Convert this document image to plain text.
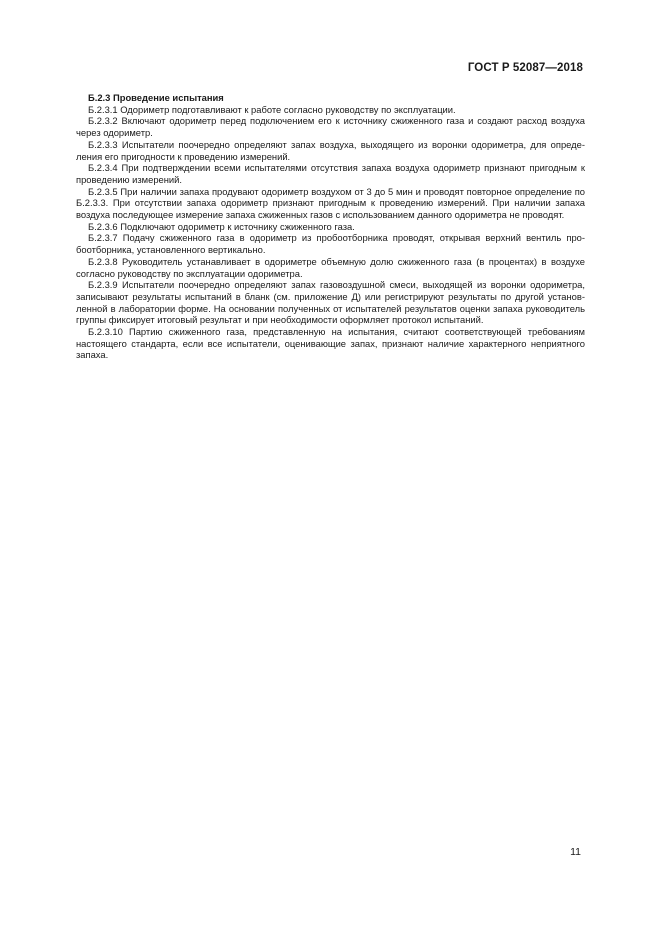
ГОСТ Р 52087—2018

Б.2.3 Проведение испытания

Б.2.3.1 Одориметр подготавливают к работе согласно руководству по эксплуатации.

Б.2.3.2 Включают одориметр перед подключением его к источнику сжиженного газа и создают расход воздуха через одориметр.

Б.2.3.3 Испытатели поочередно определяют запах воздуха, выходящего из воронки одориметра, для определения его пригодности к проведению измерений.

Б.2.3.4 При подтверждении всеми испытателями отсутствия запаха воздуха одориметр признают пригодным к проведению измерений.

Б.2.3.5 При наличии запаха продувают одориметр воздухом от 3 до 5 мин и проводят повторное определение по Б.2.3.3. При отсутствии запаха одориметр признают пригодным к проведению измерений. При наличии запаха воздуха последующее измерение запаха сжиженных газов с использованием данного одориметра не проводят.

Б.2.3.6 Подключают одориметр к источнику сжиженного газа.

Б.2.3.7 Подачу сжиженного газа в одориметр из пробоотборника проводят, открывая верхний вентиль пробоотборника, установленного вертикально.

Б.2.3.8 Руководитель устанавливает в одориметре объемную долю сжиженного газа (в процентах) в воздухе согласно руководству по эксплуатации одориметра.

Б.2.3.9 Испытатели поочередно определяют запах газовоздушной смеси, выходящей из воронки одориметра, записывают результаты испытаний в бланк (см. приложение Д) или регистрируют результаты по другой установленной в лаборатории форме. На основании полученных от испытателей результатов оценки запаха руководитель группы фиксирует итоговый результат и при необходимости оформляет протокол испытаний.

Б.2.3.10 Партию сжиженного газа, представленную на испытания, считают соответствующей требованиям настоящего стандарта, если все испытатели, оценивающие запах, признают наличие характерного неприятного запаха.

11
